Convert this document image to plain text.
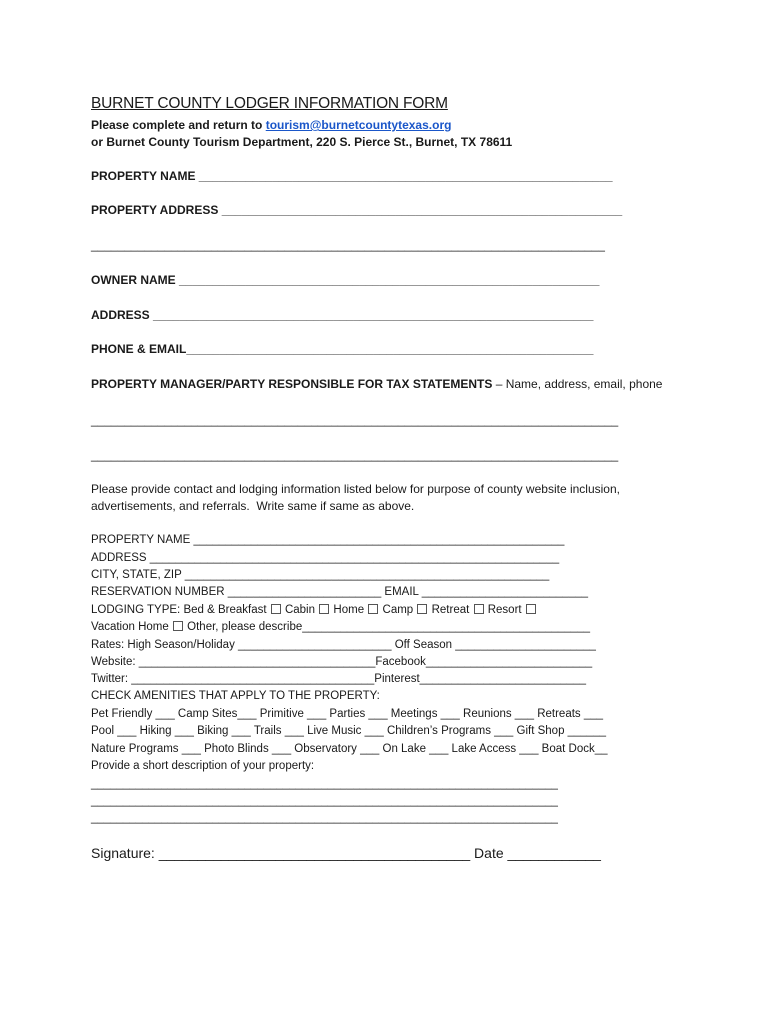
BURNET COUNTY LODGER INFORMATION FORM
Please complete and return to tourism@burnetcountytexas.org
or Burnet County Tourism Department, 220 S. Pierce St., Burnet, TX 78611
PROPERTY NAME ______________________________________________________________
PROPERTY ADDRESS ____________________________________________________________
_____________________________________________________________________________
OWNER NAME _______________________________________________________________
ADDRESS __________________________________________________________________
PHONE & EMAIL_____________________________________________________________
PROPERTY MANAGER/PARTY RESPONSIBLE FOR TAX STATEMENTS – Name, address, email, phone
_______________________________________________________________________________
_______________________________________________________________________________
Please provide contact and lodging information listed below for purpose of county website inclusion,
advertisements, and referrals.  Write same if same as above.
PROPERTY NAME __________________________________________________________
ADDRESS ________________________________________________________________
CITY, STATE, ZIP _________________________________________________________
RESERVATION NUMBER ________________________ EMAIL __________________________
LODGING TYPE: Bed & Breakfast  Cabin Home Camp Retreat Resort
Vacation Home  Other, please describe_____________________________________________
Rates: High Season/Holiday ________________________ Off Season ______________________
Website: _____________________________________Facebook__________________________
Twitter: ______________________________________Pinterest__________________________
CHECK AMENITIES THAT APPLY TO THE PROPERTY:
Pet Friendly ___ Camp Sites___ Primitive ___ Parties ___ Meetings ___ Reunions ___ Retreats ___
Pool ___ Hiking ___ Biking ___ Trails ___ Live Music ___ Children’s Programs ___ Gift Shop ______
Nature Programs ___ Photo Blinds ___ Observatory ___ On Lake ___ Lake Access ___ Boat Dock__
Provide a short description of your property:
_________________________________________________________________________
_________________________________________________________________________
_________________________________________________________________________
Signature: ________________________________________ Date ____________
